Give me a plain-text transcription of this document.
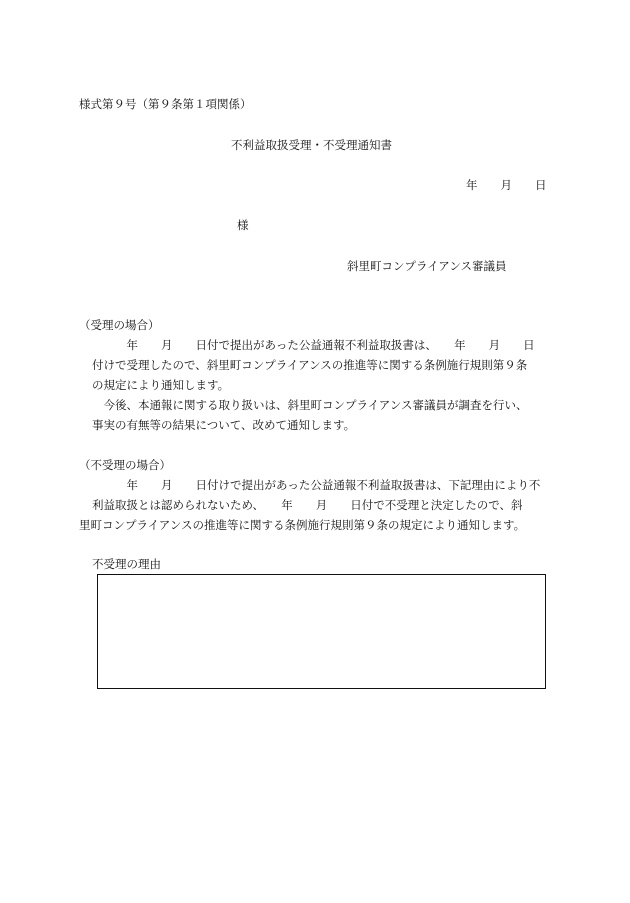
様式第９号（第９条第１項関係）
不利益取扱受理・不受理通知書
年　　月　　日
様
斜里町コンプライアンス審議員
（受理の場合）
　　　年　　月　　日付で提出があった公益通報不利益取扱書は、　　年　　月　　日
付けで受理したので、斜里町コンプライアンスの推進等に関する条例施行規則第９条
の規定により通知します。
　今後、本通報に関する取り扱いは、斜里町コンプライアンス審議員が調査を行い、
事実の有無等の結果について、改めて通知します。
（不受理の場合）
　　　年　　月　　日付けで提出があった公益通報不利益取扱書は、下記理由により不
利益取扱とは認められないため、　　年　　月　　日付で不受理と決定したので、斜
里町コンプライアンスの推進等に関する条例施行規則第９条の規定により通知します。
不受理の理由
